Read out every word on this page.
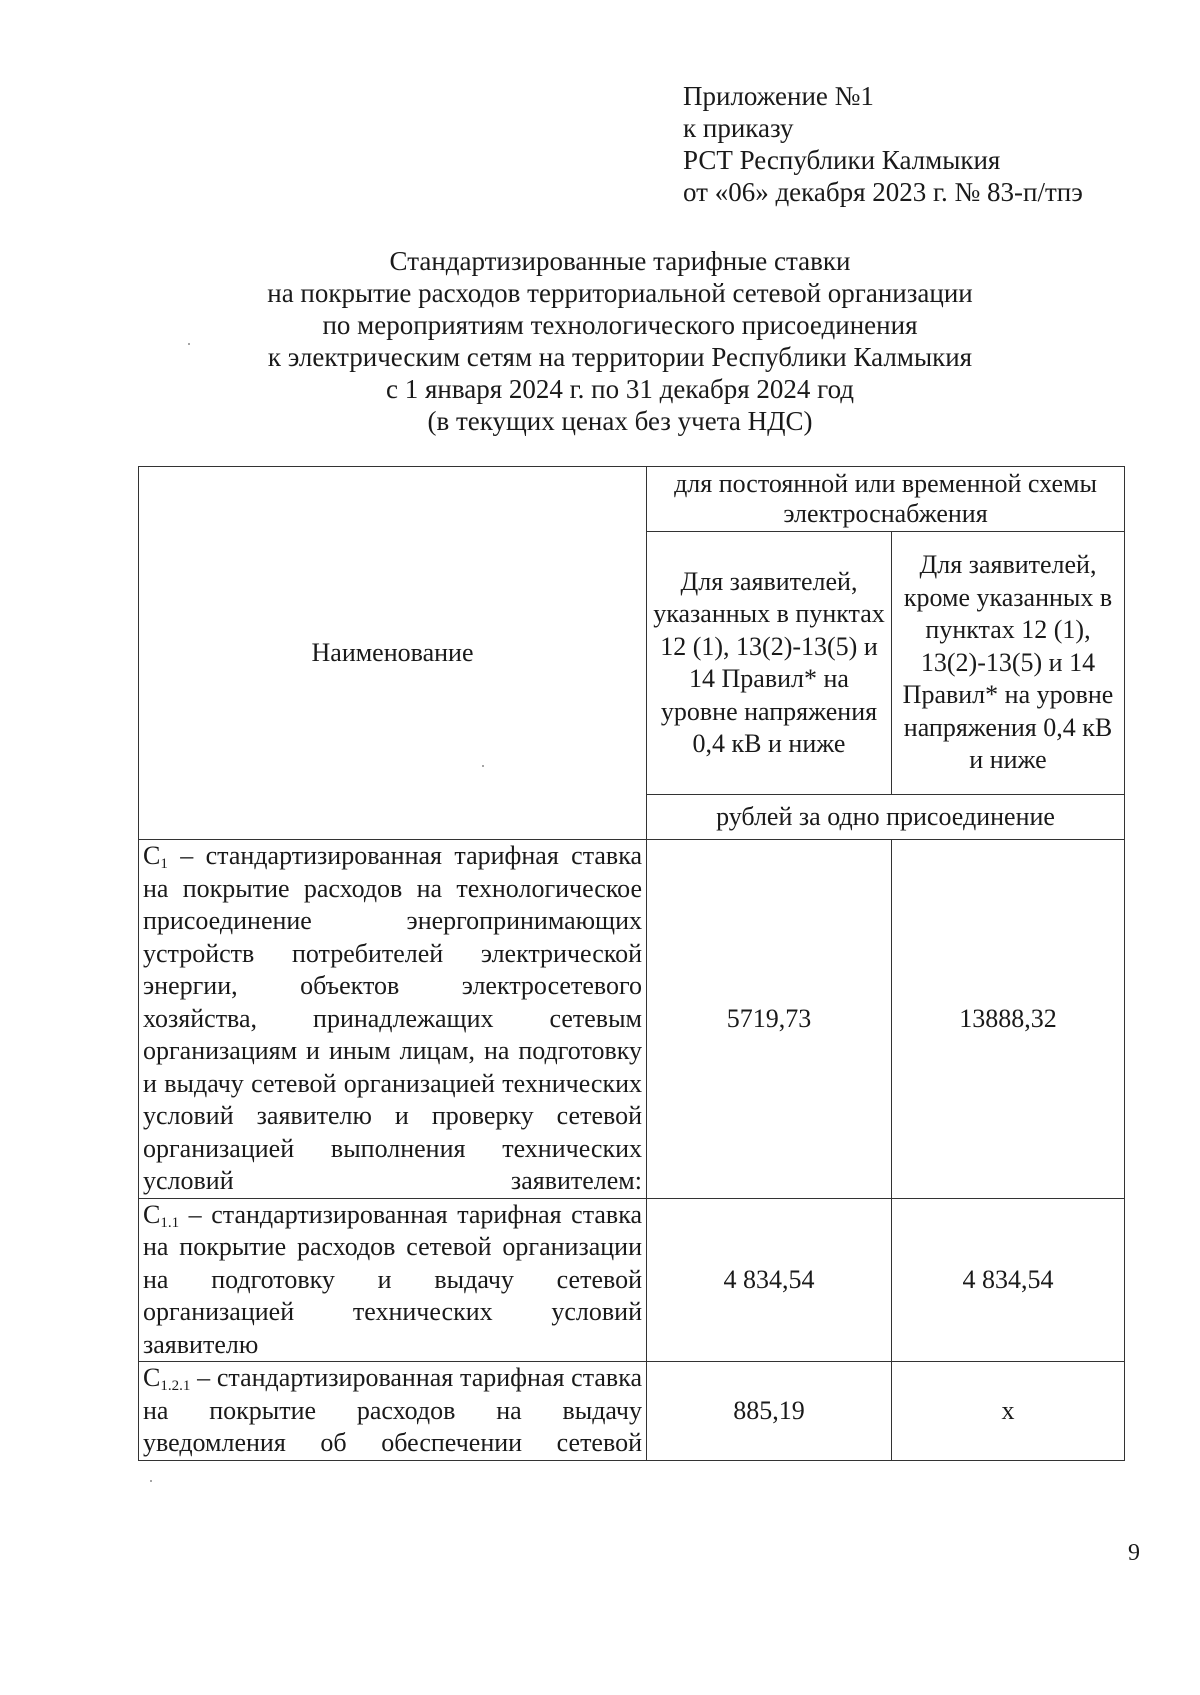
Приложение №1
к приказу
РСТ Республики Калмыкия
от «06» декабря 2023 г. № 83-п/тпэ
Стандартизированные тарифные ставки
на покрытие расходов территориальной сетевой организации
по мероприятиям технологического присоединения
к электрическим сетям на территории Республики Калмыкия
с 1 января 2024 г. по 31 декабря 2024 год
(в текущих ценах без учета НДС)
Наименование	для постоянной или временной схемы электроснабжения	
	Для заявителей, указанных в пунктах 12 (1), 13(2)-13(5) и 14 Правил* на уровне напряжения 0,4 кВ и ниже	Для заявителей, кроме указанных в пунктах 12 (1), 13(2)-13(5) и 14 Правил* на уровне напряжения 0,4 кВ и ниже
	рублей за одно присоединение	
$C_1$ – стандартизированная тарифная ставка на покрытие расходов на технологическое присоединение энергопринимающих устройств потребителей электрической энергии, объектов электросетевого хозяйства, принадлежащих сетевым организациям и иным лицам, на подготовку и выдачу сетевой организацией технических условий заявителю и проверку сетевой организацией выполнения технических условий заявителем:	5719,73	13888,32
$C_{1.1}$ – стандартизированная тарифная ставка на покрытие расходов сетевой организации на подготовку и выдачу сетевой организацией технических условий заявителю	4 834,54	4 834,54
$C_{1.2.1}$ – стандартизированная тарифная ставка на покрытие расходов на выдачу уведомления об обеспечении сетевой	885,19	х
9
